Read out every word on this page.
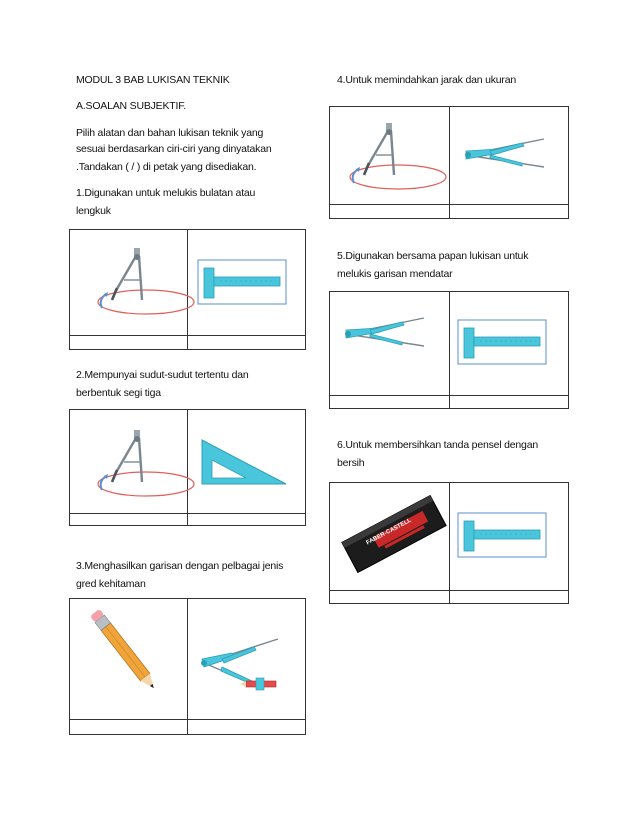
MODUL 3 BAB LUKISAN TEKNIK
A.SOALAN SUBJEKTIF.
Pilih alatan dan bahan lukisan teknik yang
sesuai berdasarkan ciri-ciri yang dinyatakan
.Tandakan ( / ) di petak yang disediakan.
1.Digunakan untuk melukis bulatan atau
lengkuk
2.Mempunyai sudut-sudut tertentu dan
berbentuk segi tiga
3.Menghasilkan garisan dengan pelbagai jenis
gred kehitaman
4.Untuk memindahkan jarak dan ukuran
5.Digunakan bersama papan lukisan untuk
melukis garisan mendatar
6.Untuk membersihkan tanda pensel dengan
bersih
FABER-CASTELL
